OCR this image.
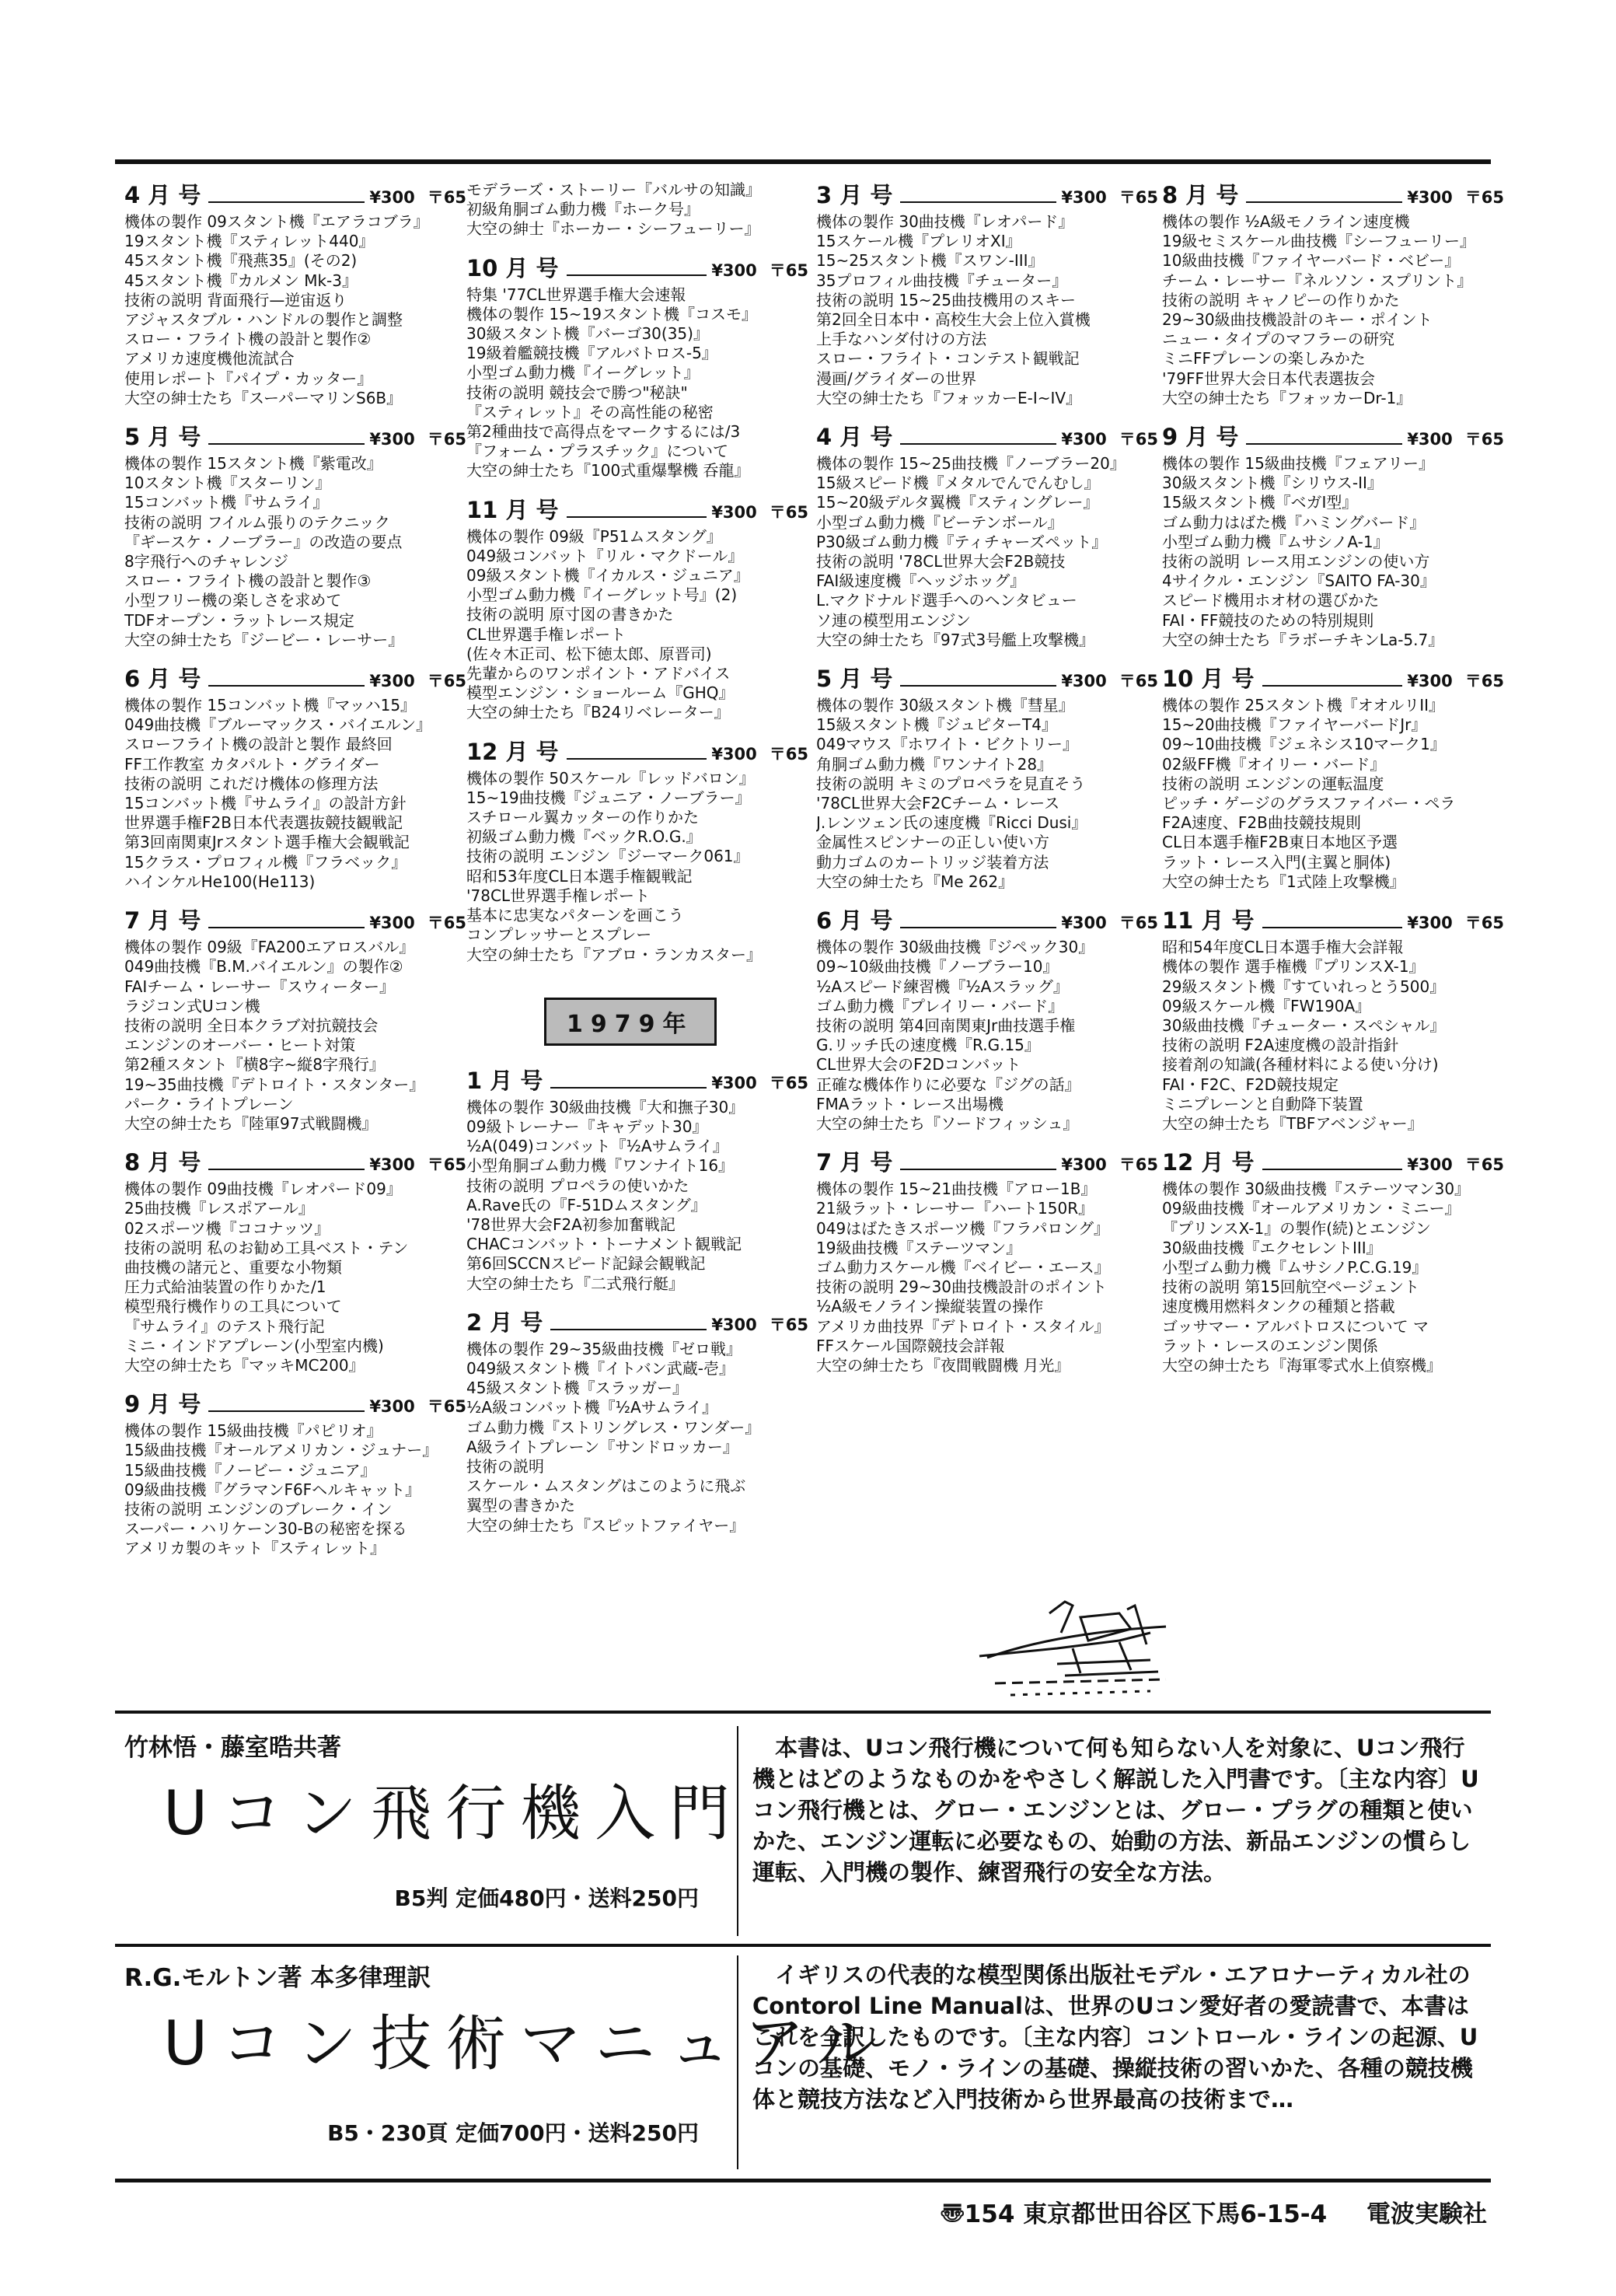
4 月 号	¥300 〒65
機体の製作 09スタント機『エアラコブラ』
19スタント機『スティレット440』
45スタント機『飛燕35』(その2)
45スタント機『カルメン Mk-3』
技術の説明 背面飛行—逆宙返り
アジャスタブル・ハンドルの製作と調整
スロー・フライト機の設計と製作②
アメリカ速度機他流試合
使用レポート『パイプ・カッター』
大空の紳士たち『スーパーマリンS6B』
5 月 号	¥300 〒65
機体の製作 15スタント機『紫電改』
10スタント機『スターリン』
15コンバット機『サムライ』
技術の説明 フイルム張りのテクニック
『ギースケ・ノーブラー』の改造の要点
8字飛行へのチャレンジ
スロー・フライト機の設計と製作③
小型フリー機の楽しさを求めて
TDFオープン・ラットレース規定
大空の紳士たち『ジービー・レーサー』
6 月 号	¥300 〒65
機体の製作 15コンバット機『マッハ15』
049曲技機『ブルーマックス・バイエルン』
スローフライト機の設計と製作 最終回
FF工作教室 カタパルト・グライダー
技術の説明 これだけ機体の修理方法
15コンバット機『サムライ』の設計方針
世界選手権F2B日本代表選抜競技観戦記
第3回南関東Jrスタント選手権大会観戦記
15クラス・プロフィル機『フラベック』
ハインケルHe100(He113)
7 月 号	¥300 〒65
機体の製作 09級『FA200エアロスバル』
049曲技機『B.M.バイエルン』の製作②
FAIチーム・レーサー『スウィーター』
ラジコン式Uコン機
技術の説明 全日本クラブ対抗競技会
エンジンのオーバー・ヒート対策
第2種スタント『横8字~縦8字飛行』
19~35曲技機『デトロイト・スタンター』
パーク・ライトプレーン
大空の紳士たち『陸軍97式戦闘機』
8 月 号	¥300 〒65
機体の製作 09曲技機『レオパード09』
25曲技機『レスポアール』
02スポーツ機『ココナッツ』
技術の説明 私のお勧め工具ベスト・テン
曲技機の諸元と、重要な小物類
圧力式給油装置の作りかた/1
模型飛行機作りの工具について
『サムライ』のテスト飛行記
ミニ・インドアプレーン(小型室内機)
大空の紳士たち『マッキMC200』
9 月 号	¥300 〒65
機体の製作 15級曲技機『パピリオ』
15級曲技機『オールアメリカン・ジュナー』
15級曲技機『ノービー・ジュニア』
09級曲技機『グラマンF6Fヘルキャット』
技術の説明 エンジンのブレーク・イン
スーパー・ハリケーン30-Bの秘密を探る
アメリカ製のキット『スティレット』
モデラーズ・ストーリー『バルサの知識』
初級角胴ゴム動力機『ホーク号』
大空の紳士『ホーカー・シーフューリー』
10 月 号	¥300 〒65
特集 '77CL世界選手権大会速報
機体の製作 15~19スタント機『コスモ』
30級スタント機『バーゴ30(35)』
19級着艦競技機『アルバトロス-5』
小型ゴム動力機『イーグレット』
技術の説明 競技会で勝つ"秘訣"
『スティレット』その高性能の秘密
第2種曲技で高得点をマークするには/3
『フォーム・プラスチック』について
大空の紳士たち『100式重爆撃機 呑龍』
11 月 号	¥300 〒65
機体の製作 09級『P51ムスタング』
049級コンバット『リル・マクドール』
09級スタント機『イカルス・ジュニア』
小型ゴム動力機『イーグレット号』(2)
技術の説明 原寸図の書きかた
CL世界選手権レポート
(佐々木正司、松下徳太郎、原晋司)
先輩からのワンポイント・アドバイス
模型エンジン・ショールーム『GHQ』
大空の紳士たち『B24リベレーター』
12 月 号	¥300 〒65
機体の製作 50スケール『レッドバロン』
15~19曲技機『ジュニア・ノーブラー』
スチロール翼カッターの作りかた
初級ゴム動力機『ベックR.O.G.』
技術の説明 エンジン『ジーマーク061』
昭和53年度CL日本選手権観戦記
'78CL世界選手権レポート
基本に忠実なパターンを画こう
コンプレッサーとスプレー
大空の紳士たち『アブロ・ランカスター』
1979年
1 月 号	¥300 〒65
機体の製作 30級曲技機『大和撫子30』
09級トレーナー『キャデット30』
½A(049)コンバット『½Aサムライ』
小型角胴ゴム動力機『ワンナイト16』
技術の説明 プロペラの使いかた
A.Rave氏の『F-51Dムスタング』
'78世界大会F2A初参加奮戦記
CHACコンバット・トーナメント観戦記
第6回SCCNスピード記録会観戦記
大空の紳士たち『二式飛行艇』
2 月 号	¥300 〒65
機体の製作 29~35級曲技機『ゼロ戦』
049級スタント機『イトバン武蔵-壱』
45級スタント機『スラッガー』
½A級コンバット機『½Aサムライ』
ゴム動力機『ストリングレス・ワンダー』
A級ライトプレーン『サンドロッカー』
技術の説明
スケール・ムスタングはこのように飛ぶ
翼型の書きかた
大空の紳士たち『スピットファイヤー』
3 月 号	¥300 〒65
機体の製作 30曲技機『レオパード』
15スケール機『プレリオXI』
15~25スタント機『スワン-III』
35プロフィル曲技機『チューター』
技術の説明 15~25曲技機用のスキー
第2回全日本中・高校生大会上位入賞機
上手なハンダ付けの方法
スロー・フライト・コンテスト観戦記
漫画/グライダーの世界
大空の紳士たち『フォッカーE-I~IV』
4 月 号	¥300 〒65
機体の製作 15~25曲技機『ノーブラー20』
15級スピード機『メタルでんでんむし』
15~20級デルタ翼機『スティングレー』
小型ゴム動力機『ビーテンボール』
P30級ゴム動力機『ティチャーズペット』
技術の説明 '78CL世界大会F2B競技
FAI級速度機『ヘッジホッグ』
L.マクドナルド選手へのヘンタビュー
ソ連の模型用エンジン
大空の紳士たち『97式3号艦上攻撃機』
5 月 号	¥300 〒65
機体の製作 30級スタント機『彗星』
15級スタント機『ジュピターT4』
049マウス『ホワイト・ビクトリー』
角胴ゴム動力機『ワンナイト28』
技術の説明 キミのプロペラを見直そう
'78CL世界大会F2Cチーム・レース
J.レンツェン氏の速度機『Ricci Dusi』
金属性スピンナーの正しい使い方
動力ゴムのカートリッジ装着方法
大空の紳士たち『Me 262』
6 月 号	¥300 〒65
機体の製作 30級曲技機『ジペック30』
09~10級曲技機『ノーブラー10』
½Aスピード練習機『½Aスラッグ』
ゴム動力機『プレイリー・バード』
技術の説明 第4回南関東Jr曲技選手権
G.リッチ氏の速度機『R.G.15』
CL世界大会のF2Dコンバット
正確な機体作りに必要な『ジグの話』
FMAラット・レース出場機
大空の紳士たち『ソードフィッシュ』
7 月 号	¥300 〒65
機体の製作 15~21曲技機『アロー1B』
21級ラット・レーサー『ハート150R』
049はばたきスポーツ機『フラパロング』
19級曲技機『ステーツマン』
ゴム動力スケール機『ベイビー・エース』
技術の説明 29~30曲技機設計のポイント
½A級モノライン操縦装置の操作
アメリカ曲技界『デトロイト・スタイル』
FFスケール国際競技会詳報
大空の紳士たち『夜間戦闘機 月光』
8 月 号	¥300 〒65
機体の製作 ½A級モノライン速度機
19級セミスケール曲技機『シーフューリー』
10級曲技機『ファイヤーバード・ベビー』
チーム・レーサー『ネルソン・スプリント』
技術の説明 キャノピーの作りかた
29~30級曲技機設計のキー・ポイント
ニュー・タイプのマフラーの研究
ミニFFプレーンの楽しみかた
'79FF世界大会日本代表選抜会
大空の紳士たち『フォッカーDr-1』
9 月 号	¥300 〒65
機体の製作 15級曲技機『フェアリー』
30級スタント機『シリウス-II』
15級スタント機『ベガI型』
ゴム動力はばた機『ハミングバード』
小型ゴム動力機『ムサシノA-1』
技術の説明 レース用エンジンの使い方
4サイクル・エンジン『SAITO FA-30』
スピード機用ホオ材の選びかた
FAI・FF競技のための特別規則
大空の紳士たち『ラボーチキンLa-5.7』
10 月 号	¥300 〒65
機体の製作 25スタント機『オオルリII』
15~20曲技機『ファイヤーバードJr』
09~10曲技機『ジェネシス10マーク1』
02級FF機『オイリー・バード』
技術の説明 エンジンの運転温度
ピッチ・ゲージのグラスファイバー・ペラ
F2A速度、F2B曲技競技規則
CL日本選手権F2B東日本地区予選
ラット・レース入門(主翼と胴体)
大空の紳士たち『1式陸上攻撃機』
11 月 号	¥300 〒65
昭和54年度CL日本選手権大会詳報
機体の製作 選手権機『プリンスX-1』
29級スタント機『すていれっとう500』
09級スケール機『FW190A』
30級曲技機『チューター・スペシャル』
技術の説明 F2A速度機の設計指針
接着剤の知識(各種材料による使い分け)
FAI・F2C、F2D競技規定
ミニプレーンと自動降下装置
大空の紳士たち『TBFアベンジャー』
12 月 号	¥300 〒65
機体の製作 30級曲技機『ステーツマン30』
09級曲技機『オールアメリカン・ミニー』
『プリンスX-1』の製作(続)とエンジン
30級曲技機『エクセレントIII』
小型ゴム動力機『ムサシノP.C.G.19』
技術の説明 第15回航空ページェント
速度機用燃料タンクの種類と搭載
ゴッサマー・アルバトロスについて マ
ラット・レースのエンジン関係
大空の紳士たち『海軍零式水上偵察機』
竹林悟・藤室晧共著
Uコン飛行機入門
B5判 定価480円・送料250円
本書は、Uコン飛行機について何も知らない人を対象に、Uコン飛行機とはどのようなものかをやさしく解説した入門書です。〔主な内容〕Uコン飛行機とは、グロー・エンジンとは、グロー・プラグの種類と使いかた、エンジン運転に必要なもの、始動の方法、新品エンジンの慣らし運転、入門機の製作、練習飛行の安全な方法。
R.G.モルトン著 本多律理訳
Uコン技術マニュアル
B5・230頁 定価700円・送料250円
イギリスの代表的な模型関係出版社モデル・エアロナーティカル社のContorol Line Manualは、世界のUコン愛好者の愛読書で、本書はこれを全訳したものです。〔主な内容〕コントロール・ラインの起源、Uコンの基礎、モノ・ラインの基礎、操縦技術の習いかた、各種の競技機体と競技方法など入門技術から世界最高の技術まで…
〠154 東京都世田谷区下馬6-15-4 電波実験社
